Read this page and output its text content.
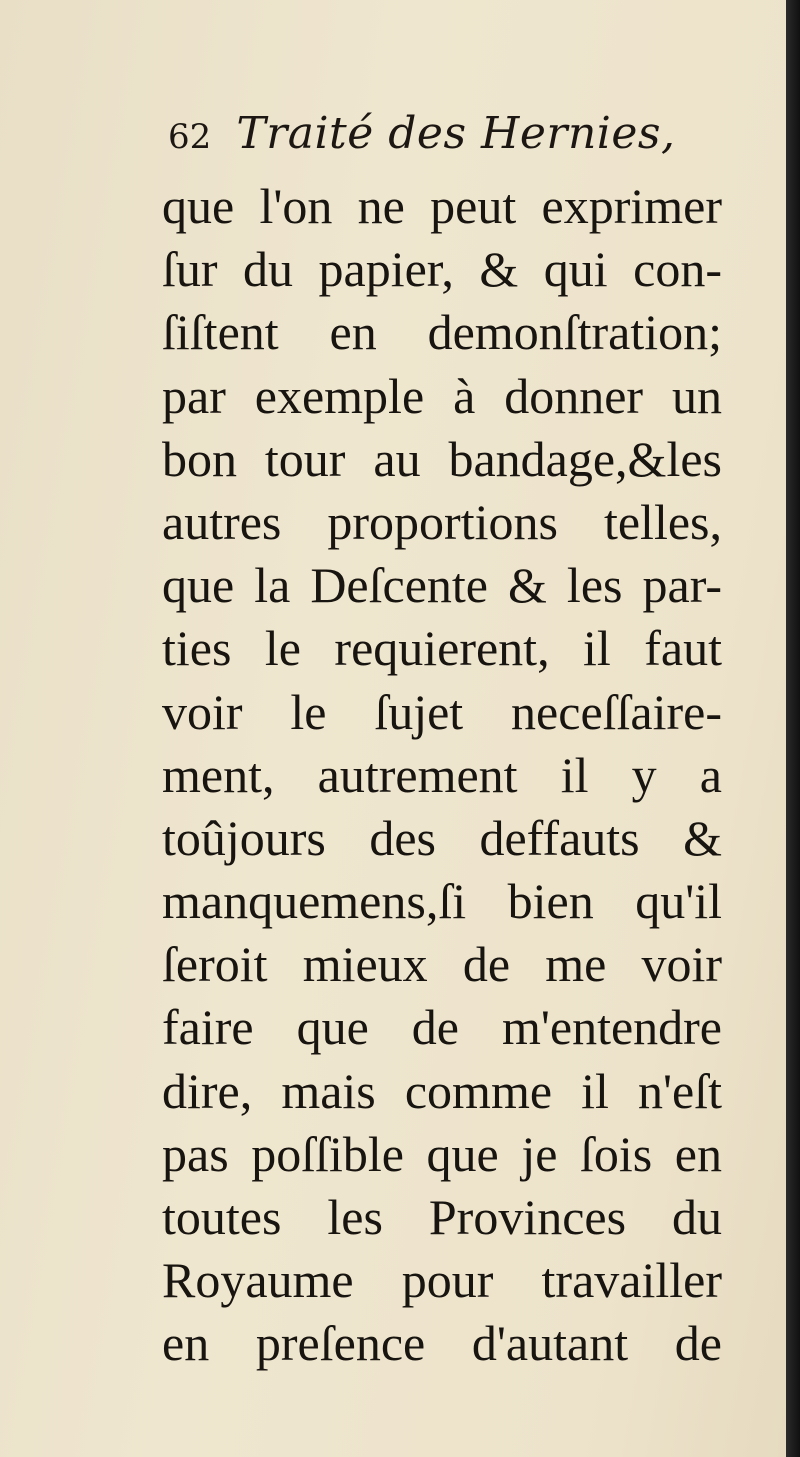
62 Traité des Hernies,
que l'on ne peut exprimer
ſur du papier, & qui con-
ſiſtent en demonſtration;
par exemple à donner un
bon tour au bandage,&les
autres proportions telles,
que la Deſcente & les par-
ties le requierent, il faut
voir le ſujet neceſſaire-
ment, autrement il y a
toûjours des deffauts &
manquemens,ſi bien qu'il
ſeroit mieux de me voir
faire que de m'entendre
dire, mais comme il n'eſt
pas poſſible que je ſois en
toutes les Provinces du
Royaume pour travailler
en preſence d'autant de
